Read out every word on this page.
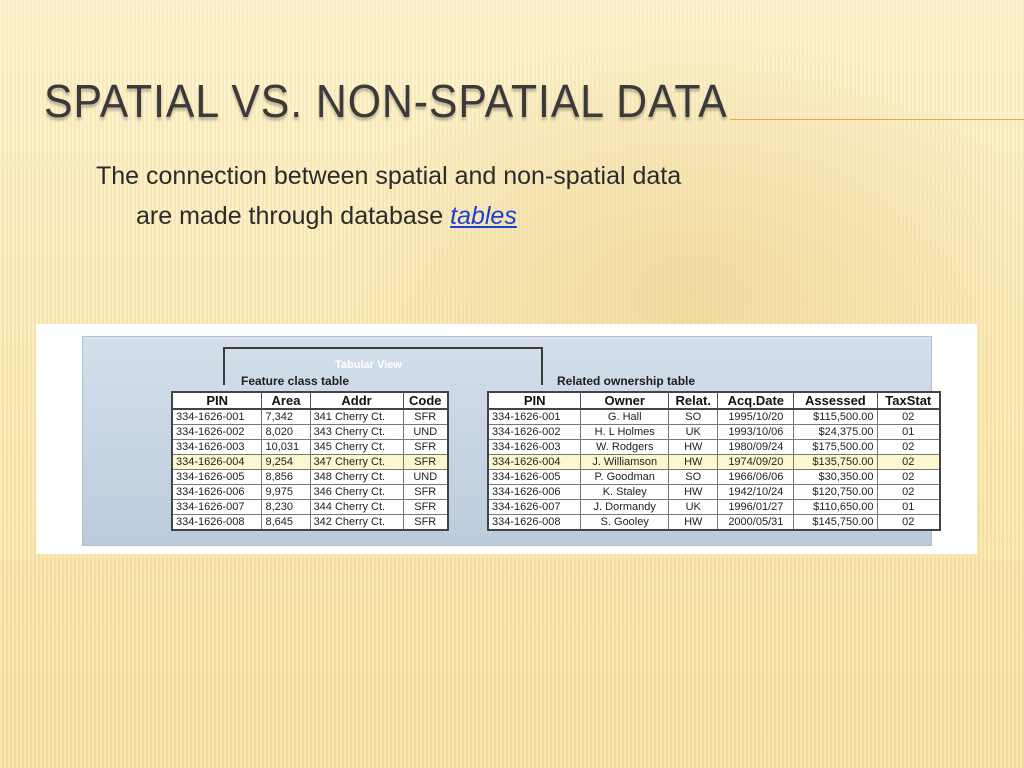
SPATIAL VS. NON-SPATIAL DATA
The connection between spatial and non-spatial data
are made through database tables
Tabular View
Feature class table	Related ownership table
PIN	Area	Addr	Code
334-1626-001	7,342	341 Cherry Ct.	SFR
334-1626-002	8,020	343 Cherry Ct.	UND
334-1626-003	10,031	345 Cherry Ct.	SFR
334-1626-004	9,254	347 Cherry Ct.	SFR
334-1626-005	8,856	348 Cherry Ct.	UND
334-1626-006	9,975	346 Cherry Ct.	SFR
334-1626-007	8,230	344 Cherry Ct.	SFR
334-1626-008	8,645	342 Cherry Ct.	SFR
PIN	Owner	Relat.	Acq.Date	Assessed	TaxStat
334-1626-001	G. Hall	SO	1995/10/20	$115,500.00	02
334-1626-002	H. L Holmes	UK	1993/10/06	$24,375.00	01
334-1626-003	W. Rodgers	HW	1980/09/24	$175,500.00	02
334-1626-004	J. Williamson	HW	1974/09/20	$135,750.00	02
334-1626-005	P. Goodman	SO	1966/06/06	$30,350.00	02
334-1626-006	K. Staley	HW	1942/10/24	$120,750.00	02
334-1626-007	J. Dormandy	UK	1996/01/27	$110,650.00	01
334-1626-008	S. Gooley	HW	2000/05/31	$145,750.00	02
